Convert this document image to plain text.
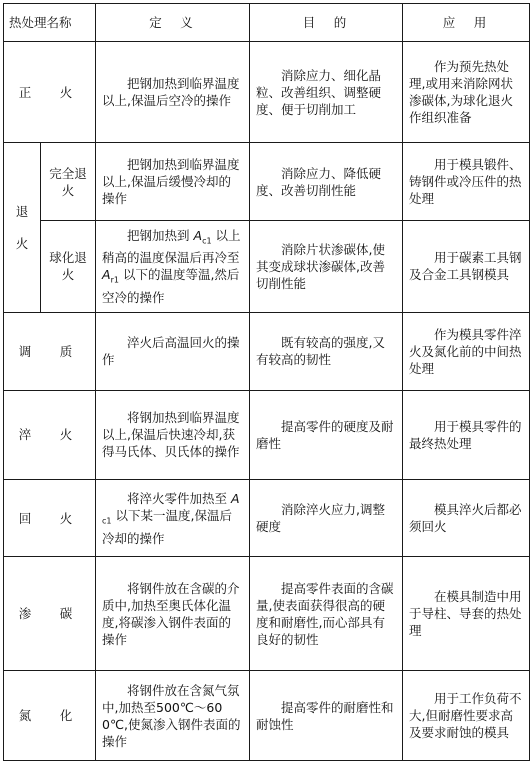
热处理名称		定　义	目　的	应　用
正　火		把钢加热到临界温度以上,保温后空冷的操作	消除应力、细化晶粒、改善组织、调整硬度、便于切削加工	作为预先热处理,或用来消除网状渗碳体,为球化退火作组织准备

退
火	完全退火	把钢加热到临界温度以上,保温后缓慢冷却的操作	消除应力、降低硬度、改善切削性能	用于模具锻件、铸钢件或冷压件的热处理
	球化退火	把钢加热到 $A_{c1}$ 以上稍高的温度保温后再冷至 $A_{r1}$ 以下的温度等温,然后空冷的操作	消除片状渗碳体,使其变成球状渗碳体,改善切削性能	用于碳素工具钢及合金工具钢模具
调　质		淬火后高温回火的操作	既有较高的强度,又有较高的韧性	作为模具零件淬火及氮化前的中间热处理
淬　火		将钢加热到临界温度以上,保温后快速冷却,获得马氏体、贝氏体的操作	提高零件的硬度及耐磨性	用于模具零件的最终热处理
回　火		将淬火零件加热至 $A_{c1}$ 以下某一温度,保温后冷却的操作	消除淬火应力,调整硬度	模具淬火后都必须回火
渗　碳		将钢件放在含碳的介质中,加热至奥氏体化温度,将碳渗入钢件表面的操作	提高零件表面的含碳量,使表面获得很高的硬度和耐磨性,而心部具有良好的韧性	在模具制造中用于导柱、导套的热处理
氮　化		将钢件放在含氮气氛中,加热至500℃～600℃,使氮渗入钢件表面的操作	提高零件的耐磨性和耐蚀性	用于工作负荷不大,但耐磨性要求高及要求耐蚀的模具
